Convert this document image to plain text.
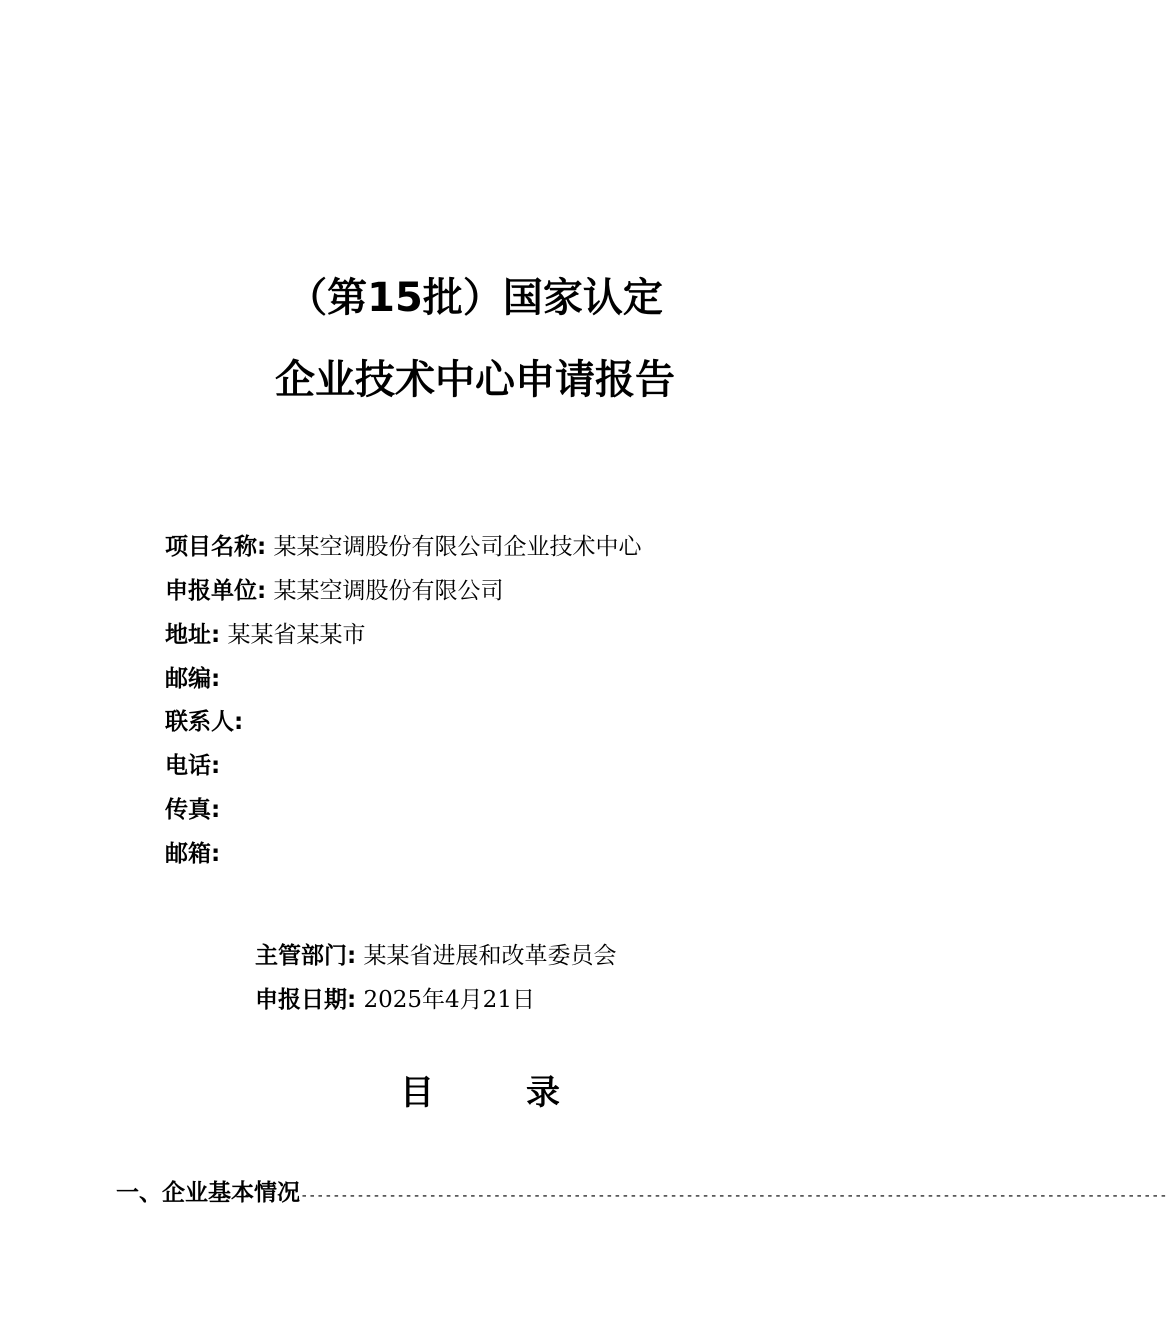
（第15批）国家认定
企业技术中心申请报告
项目名称: 某某空调股份有限公司企业技术中心
申报单位: 某某空调股份有限公司
地址: 某某省某某市
邮编:
联系人:
电话:
传真:
邮箱:
主管部门: 某某省进展和改革委员会
申报日期: 2025年4月21日
目录
一、企业基本情况------------------------------------------------------------------------------------------------------------
